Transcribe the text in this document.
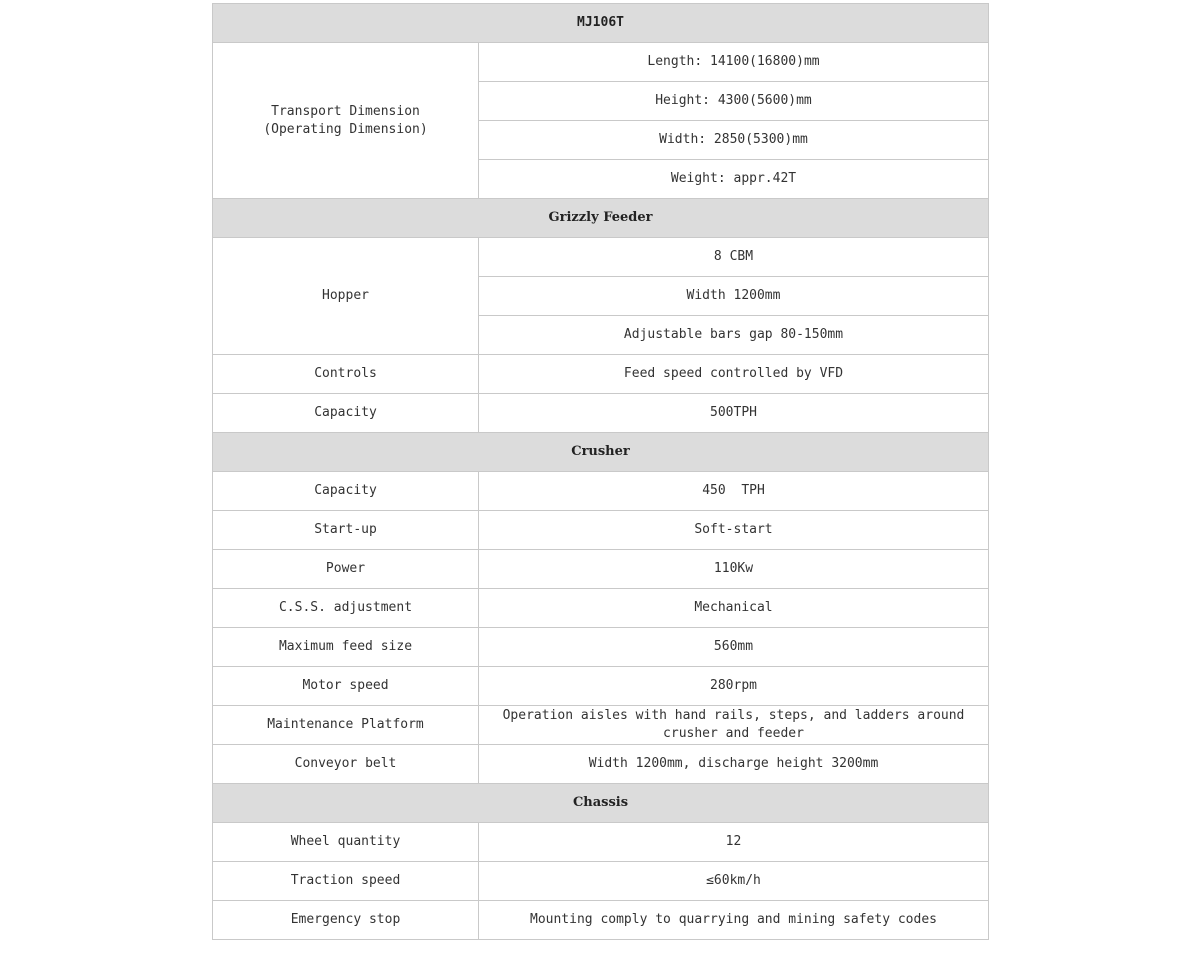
MJ106T	

Transport Dimension
(Operating Dimension)	Length: 14100(16800)mm
	Height: 4300(5600)mm
	Width: 2850(5300)mm
	Weight: appr.42T
Grizzly Feeder	
Hopper	8 CBM
	Width 1200mm
	Adjustable bars gap 80-150mm
Controls	Feed speed controlled by VFD
Capacity	500TPH
Crusher	
Capacity	450  TPH
Start-up	Soft-start
Power	110Kw
C.S.S. adjustment	Mechanical
Maximum feed size	560mm
Motor speed	280rpm
Maintenance Platform	Operation aisles with hand rails, steps, and ladders around crusher and feeder
Conveyor belt	Width 1200mm, discharge height 3200mm
Chassis	
Wheel quantity	12
Traction speed	≤60km/h
Emergency stop	Mounting comply to quarrying and mining safety codes
